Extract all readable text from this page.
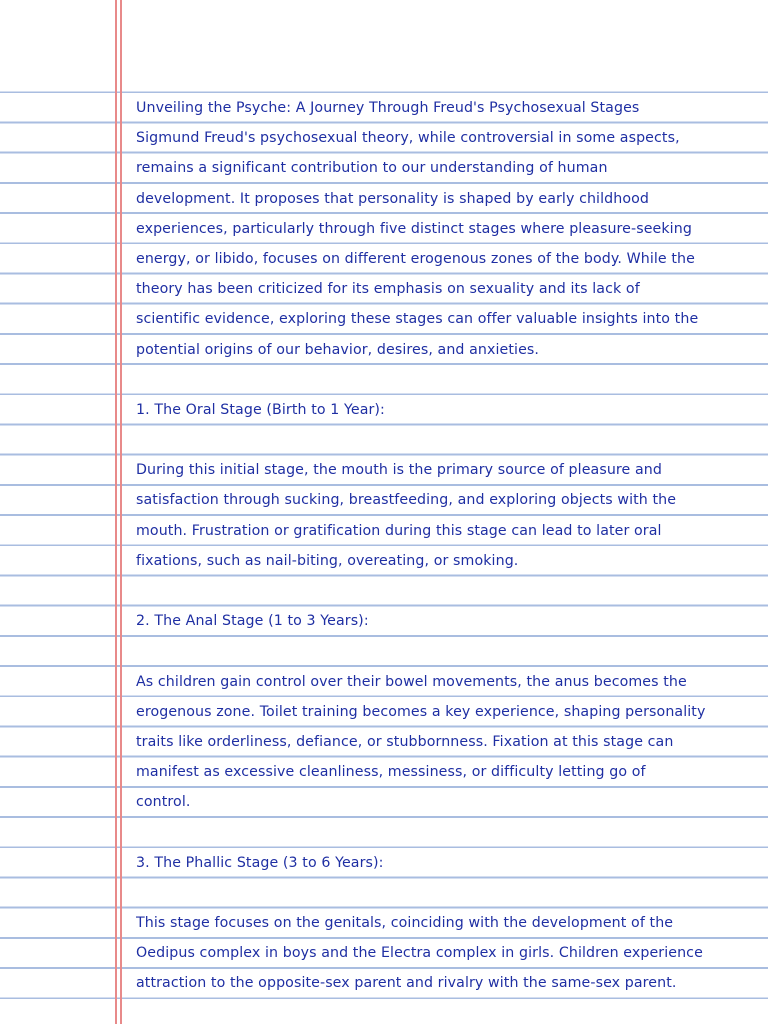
Unveiling the Psyche: A Journey Through Freud's Psychosexual Stages
Sigmund Freud's psychosexual theory, while controversial in some aspects,
remains a significant contribution to our understanding of human
development. It proposes that personality is shaped by early childhood
experiences, particularly through five distinct stages where pleasure-seeking
energy, or libido, focuses on different erogenous zones of the body. While the
theory has been criticized for its emphasis on sexuality and its lack of
scientific evidence, exploring these stages can offer valuable insights into the
potential origins of our behavior, desires, and anxieties.
1. The Oral Stage (Birth to 1 Year):
During this initial stage, the mouth is the primary source of pleasure and
satisfaction through sucking, breastfeeding, and exploring objects with the
mouth. Frustration or gratification during this stage can lead to later oral
fixations, such as nail-biting, overeating, or smoking.
2. The Anal Stage (1 to 3 Years):
As children gain control over their bowel movements, the anus becomes the
erogenous zone. Toilet training becomes a key experience, shaping personality
traits like orderliness, defiance, or stubbornness. Fixation at this stage can
manifest as excessive cleanliness, messiness, or difficulty letting go of
control.
3. The Phallic Stage (3 to 6 Years):
This stage focuses on the genitals, coinciding with the development of the
Oedipus complex in boys and the Electra complex in girls. Children experience
attraction to the opposite-sex parent and rivalry with the same-sex parent.
